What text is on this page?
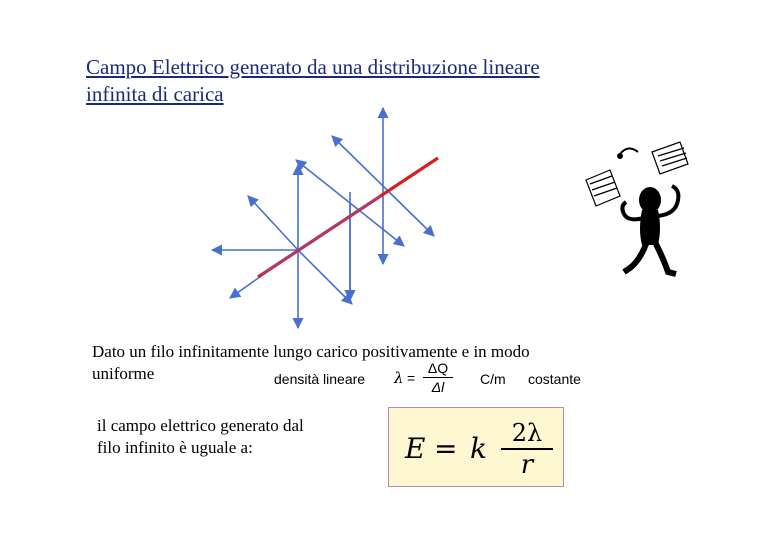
Campo Elettrico generato da una distribuzione lineare
infinita di carica
Dato un filo infinitamente lungo carico positivamente e in modo
uniforme	densità lineare $\lambda = \frac{\Delta Q}{\Delta l} C/m$ costante
il campo elettrico generato dal
filo infinito è uguale a:	E = k $\frac{2\lambda}{r}$
